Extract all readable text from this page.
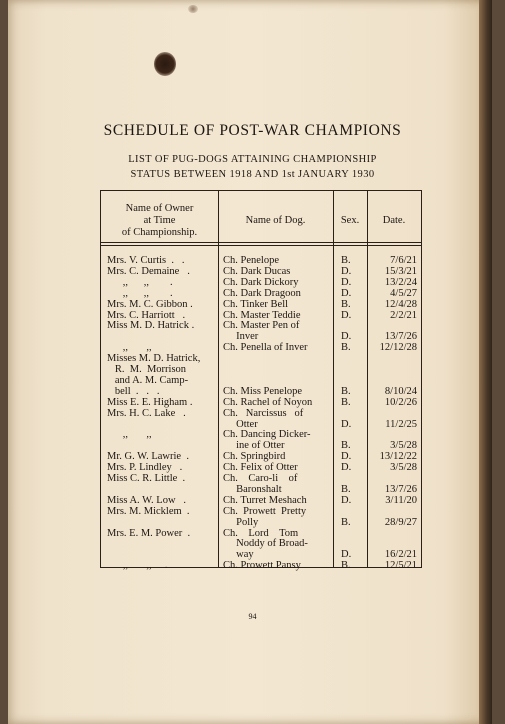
SCHEDULE OF POST-WAR CHAMPIONS
LIST OF PUG-DOGS ATTAINING CHAMPIONSHIP
STATUS BETWEEN 1918 AND 1st JANUARY 1930
Name of Owner
at Time
of Championship.
Name of Dog.	Sex.	Date.
Mrs. V. Curtis  .   .	Ch. Penelope	B.	7/6/21
Mrs. C. Demaine   .	Ch. Dark Ducas	D.	15/3/21
,,      ,,        .	Ch. Dark Dickory	D.	13/2/24
,,      ,,        .	Ch. Dark Dragoon	D.	4/5/27
Mrs. M. C. Gibbon .	Ch. Tinker Bell	B.	12/4/28
Mrs. C. Harriott   .	Ch. Master Teddie	D.	2/2/21
Miss M. D. Hatrick .	Ch. Master Pen of
Inver	D.	13/7/26
,,       ,,	Ch. Penella of Inver	B.	12/12/28
Misses M. D. Hatrick,
R.  M.  Morrison
and A. M. Camp-
bell  .   .   .	Ch. Miss Penelope	B.	8/10/24
Miss E. E. Higham .	Ch. Rachel of Noyon	B.	10/2/26
Mrs. H. C. Lake   .	Ch.   Narcissus   of
Otter	D.	11/2/25
,,       ,,	Ch. Dancing Dicker-
ine of Otter	B.	3/5/28
Mr. G. W. Lawrie  .	Ch. Springbird	D.	13/12/22
Mrs. P. Lindley   .	Ch. Felix of Otter	D.	3/5/28
Miss C. R. Little  .	Ch.    Caro-li    of
Baronshalt	B.	13/7/26
Miss A. W. Low   .	Ch. Turret Meshach	D.	3/11/20
Mrs. M. Micklem  .	Ch.  Prowett  Pretty
Polly	B.	28/9/27
Mrs. E. M. Power  .	Ch.    Lord    Tom
Noddy of Broad-
way	D.	16/2/21
,,       ,,     .	Ch. Prowett Pansy	B.	12/5/21
94
